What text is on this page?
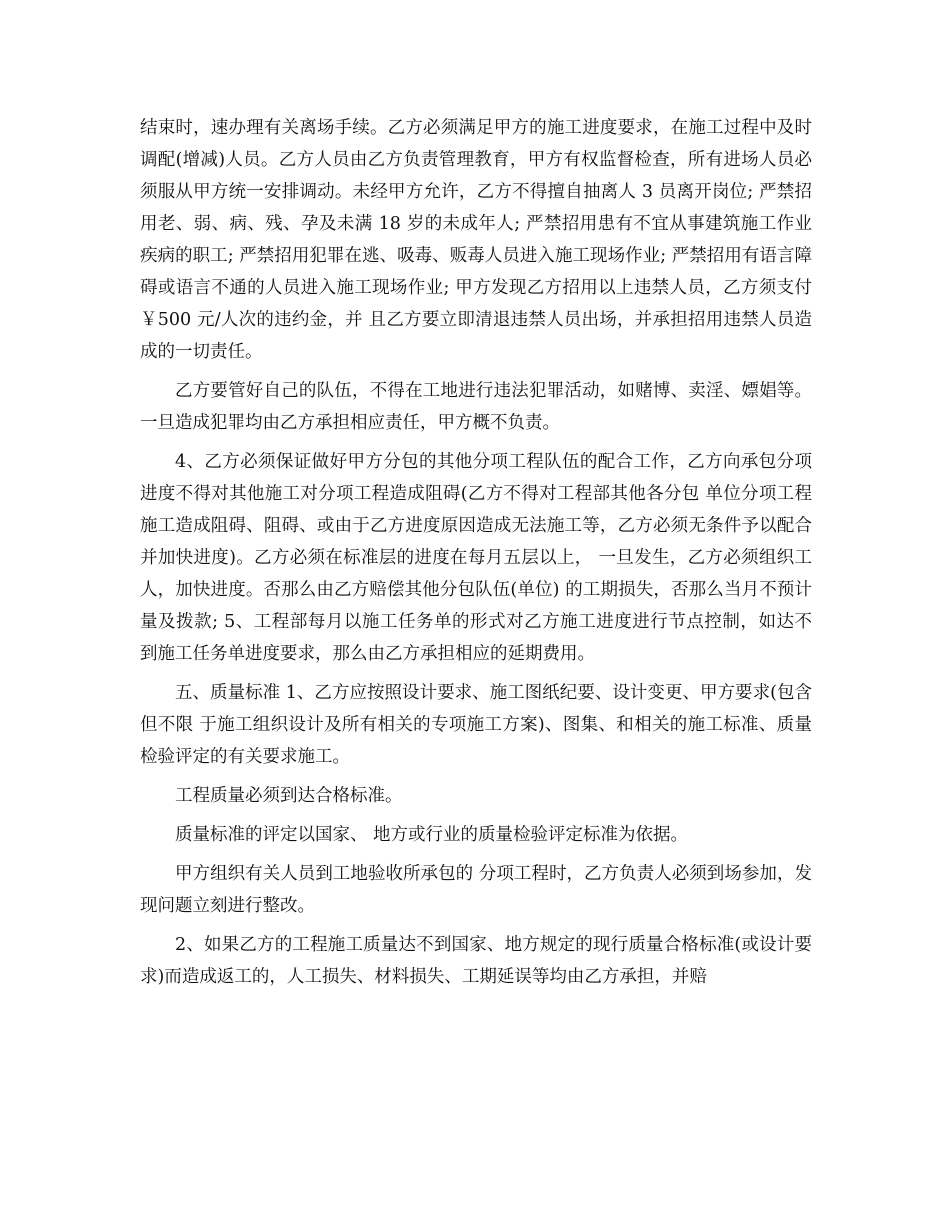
结束时，速办理有关离场手续。乙方必须满足甲方的施工进度要求，在施工过程中及时调配(增减)人员。乙方人员由乙方负责管理教育，甲方有权监督检查，所有进场人员必须服从甲方统一安排调动。未经甲方允许，乙方不得擅自抽离人 3 员离开岗位; 严禁招用老、弱、病、残、孕及未满 18 岁的未成年人; 严禁招用患有不宜从事建筑施工作业疾病的职工; 严禁招用犯罪在逃、吸毒、贩毒人员进入施工现场作业; 严禁招用有语言障碍或语言不通的人员进入施工现场作业; 甲方发现乙方招用以上违禁人员，乙方须支付￥500 元/人次的违约金，并 且乙方要立即清退违禁人员出场，并承担招用违禁人员造成的一切责任。

乙方要管好自己的队伍，不得在工地进行违法犯罪活动，如赌博、卖淫、嫖娼等。一旦造成犯罪均由乙方承担相应责任，甲方概不负责。

4、乙方必须保证做好甲方分包的其他分项工程队伍的配合工作，乙方向承包分项进度不得对其他施工对分项工程造成阻碍(乙方不得对工程部其他各分包 单位分项工程施工造成阻碍、阻碍、或由于乙方进度原因造成无法施工等，乙方必须无条件予以配合并加快进度)。乙方必须在标准层的进度在每月五层以上， 一旦发生，乙方必须组织工人，加快进度。否那么由乙方赔偿其他分包队伍(单位) 的工期损失，否那么当月不预计量及拨款; 5、工程部每月以施工任务单的形式对乙方施工进度进行节点控制，如达不 到施工任务单进度要求，那么由乙方承担相应的延期费用。

五、质量标准 1、乙方应按照设计要求、施工图纸纪要、设计变更、甲方要求(包含但不限 于施工组织设计及所有相关的专项施工方案)、图集、和相关的施工标准、质量检验评定的有关要求施工。

工程质量必须到达合格标准。

质量标准的评定以国家、 地方或行业的质量检验评定标准为依据。

甲方组织有关人员到工地验收所承包的 分项工程时，乙方负责人必须到场参加，发现问题立刻进行整改。

2、如果乙方的工程施工质量达不到国家、地方规定的现行质量合格标准(或设计要求)而造成返工的，人工损失、材料损失、工期延误等均由乙方承担，并赔
